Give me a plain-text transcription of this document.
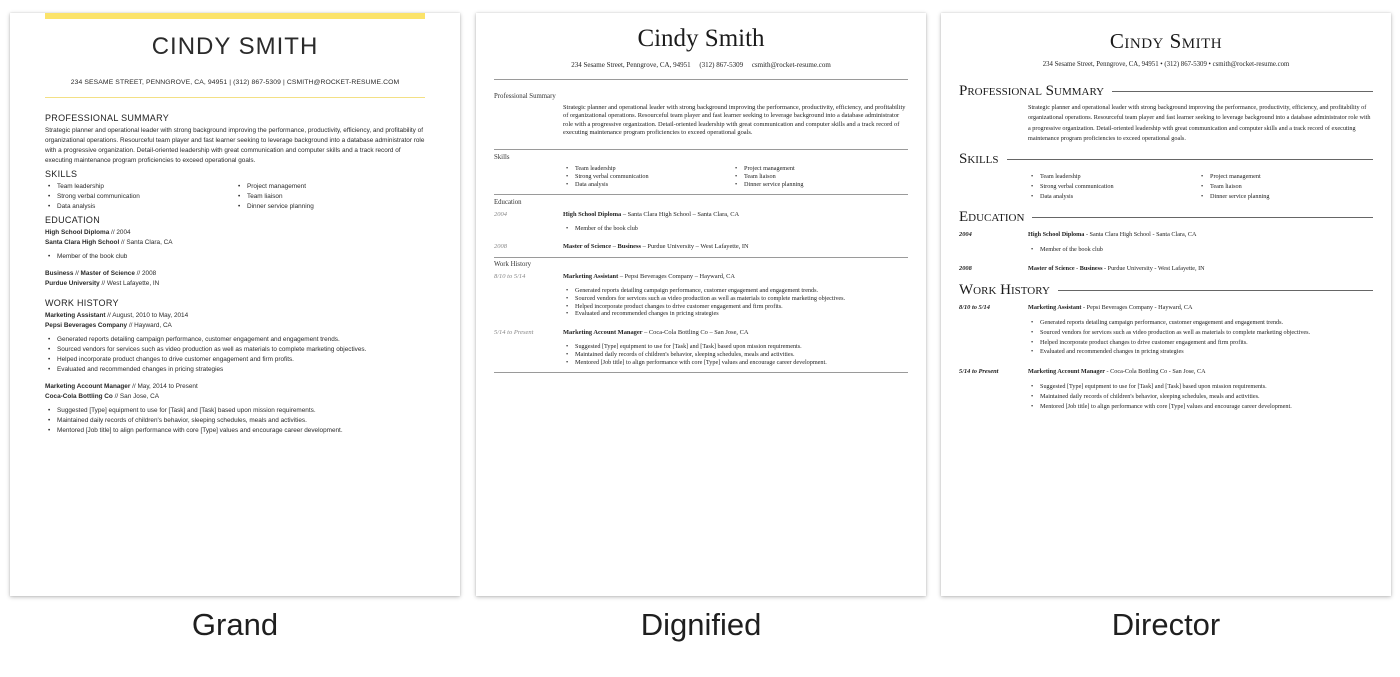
CINDY SMITH
234 SESAME STREET, PENNGROVE, CA, 94951 | (312) 867-5309 | CSMITH@ROCKET-RESUME.COM
PROFESSIONAL SUMMARY

Strategic planner and operational leader with strong background improving the performance, productivity, efficiency, and profitability of organizational operations. Resourceful team player and fast learner seeking to leverage background into a database administrator role with a progressive organization. Detail-oriented leadership with great communication and computer skills and a track record of executing maintenance program proficiencies to exceed operational goals.

SKILLS
• Team leadership
• Strong verbal communication
• Data analysis
• Project management
• Team liaison
• Dinner service planning
EDUCATION
High School Diploma // 2004
Santa Clara High School // Santa Clara, CA
• Member of the book club
Business // Master of Science // 2008
Purdue University // West Lafayette, IN
WORK HISTORY
Marketing Assistant // August, 2010 to May, 2014
Pepsi Beverages Company // Hayward, CA
• Generated reports detailing campaign performance, customer engagement and engagement trends.
• Sourced vendors for services such as video production as well as materials to complete marketing objectives.
• Helped incorporate product changes to drive customer engagement and firm profits.
• Evaluated and recommended changes in pricing strategies
Marketing Account Manager // May, 2014 to Present
Coca-Cola Bottling Co // San Jose, CA
• Suggested [Type] equipment to use for [Task] and [Task] based upon mission requirements.
• Maintained daily records of children's behavior, sleeping schedules, meals and activities.
• Mentored [Job title] to align performance with core [Type] values and encourage career development.
Grand
Cindy Smith
234 Sesame Street, Penngrove, CA, 94951     (312) 867-5309     csmith@rocket-resume.com
Professional Summary
Strategic planner and operational leader with strong background improving the performance, productivity, efficiency, and profitability of organizational operations. Resourceful team player and fast learner seeking to leverage background into a database administrator role with a progressive organization. Detail-oriented leadership with great communication and computer skills and a track record of executing maintenance program proficiencies to exceed operational goals.
Skills
• Team leadership
• Strong verbal communication
• Data analysis
• Project management
• Team liaison
• Dinner service planning
Education
2004	High School Diploma – Santa Clara High School – Santa Clara, CA
• Member of the book club
2008	Master of Science – Business – Purdue University – West Lafayette, IN
Work History
8/10 to 5/14	Marketing Assistant – Pepsi Beverages Company – Hayward, CA
• Generated reports detailing campaign performance, customer engagement and engagement trends.
• Sourced vendors for services such as video production as well as materials to complete marketing objectives.
• Helped incorporate product changes to drive customer engagement and firm profits.
• Evaluated and recommended changes in pricing strategies
5/14 to Present	Marketing Account Manager – Coca-Cola Bottling Co – San Jose, CA
• Suggested [Type] equipment to use for [Task] and [Task] based upon mission requirements.
• Maintained daily records of children's behavior, sleeping schedules, meals and activities.
• Mentored [Job title] to align performance with core [Type] values and encourage career development.
Dignified
Cindy Smith
234 Sesame Street, Penngrove, CA, 94951 • (312) 867-5309 • csmith@rocket-resume.com
Professional Summary
Strategic planner and operational leader with strong background improving the performance, productivity, efficiency, and profitability of organizational operations. Resourceful team player and fast learner seeking to leverage background into a database administrator role with a progressive organization. Detail-oriented leadership with great communication and computer skills and a track record of executing maintenance program proficiencies to exceed operational goals.
Skills
• Team leadership
• Strong verbal communication
• Data analysis
• Project management
• Team liaison
• Dinner service planning
Education
2004	High School Diploma - Santa Clara High School - Santa Clara, CA
• Member of the book club
2008	Master of Science - Business - Purdue University - West Lafayette, IN
Work History
8/10 to 5/14	Marketing Assistant - Pepsi Beverages Company - Hayward, CA
• Generated reports detailing campaign performance, customer engagement and engagement trends.
• Sourced vendors for services such as video production as well as materials to complete marketing objectives.
• Helped incorporate product changes to drive customer engagement and firm profits.
• Evaluated and recommended changes in pricing strategies
5/14 to Present	Marketing Account Manager - Coca-Cola Bottling Co - San Jose, CA
• Suggested [Type] equipment to use for [Task] and [Task] based upon mission requirements.
• Maintained daily records of children's behavior, sleeping schedules, meals and activities.
• Mentored [Job title] to align performance with core [Type] values and encourage career development.
Director
